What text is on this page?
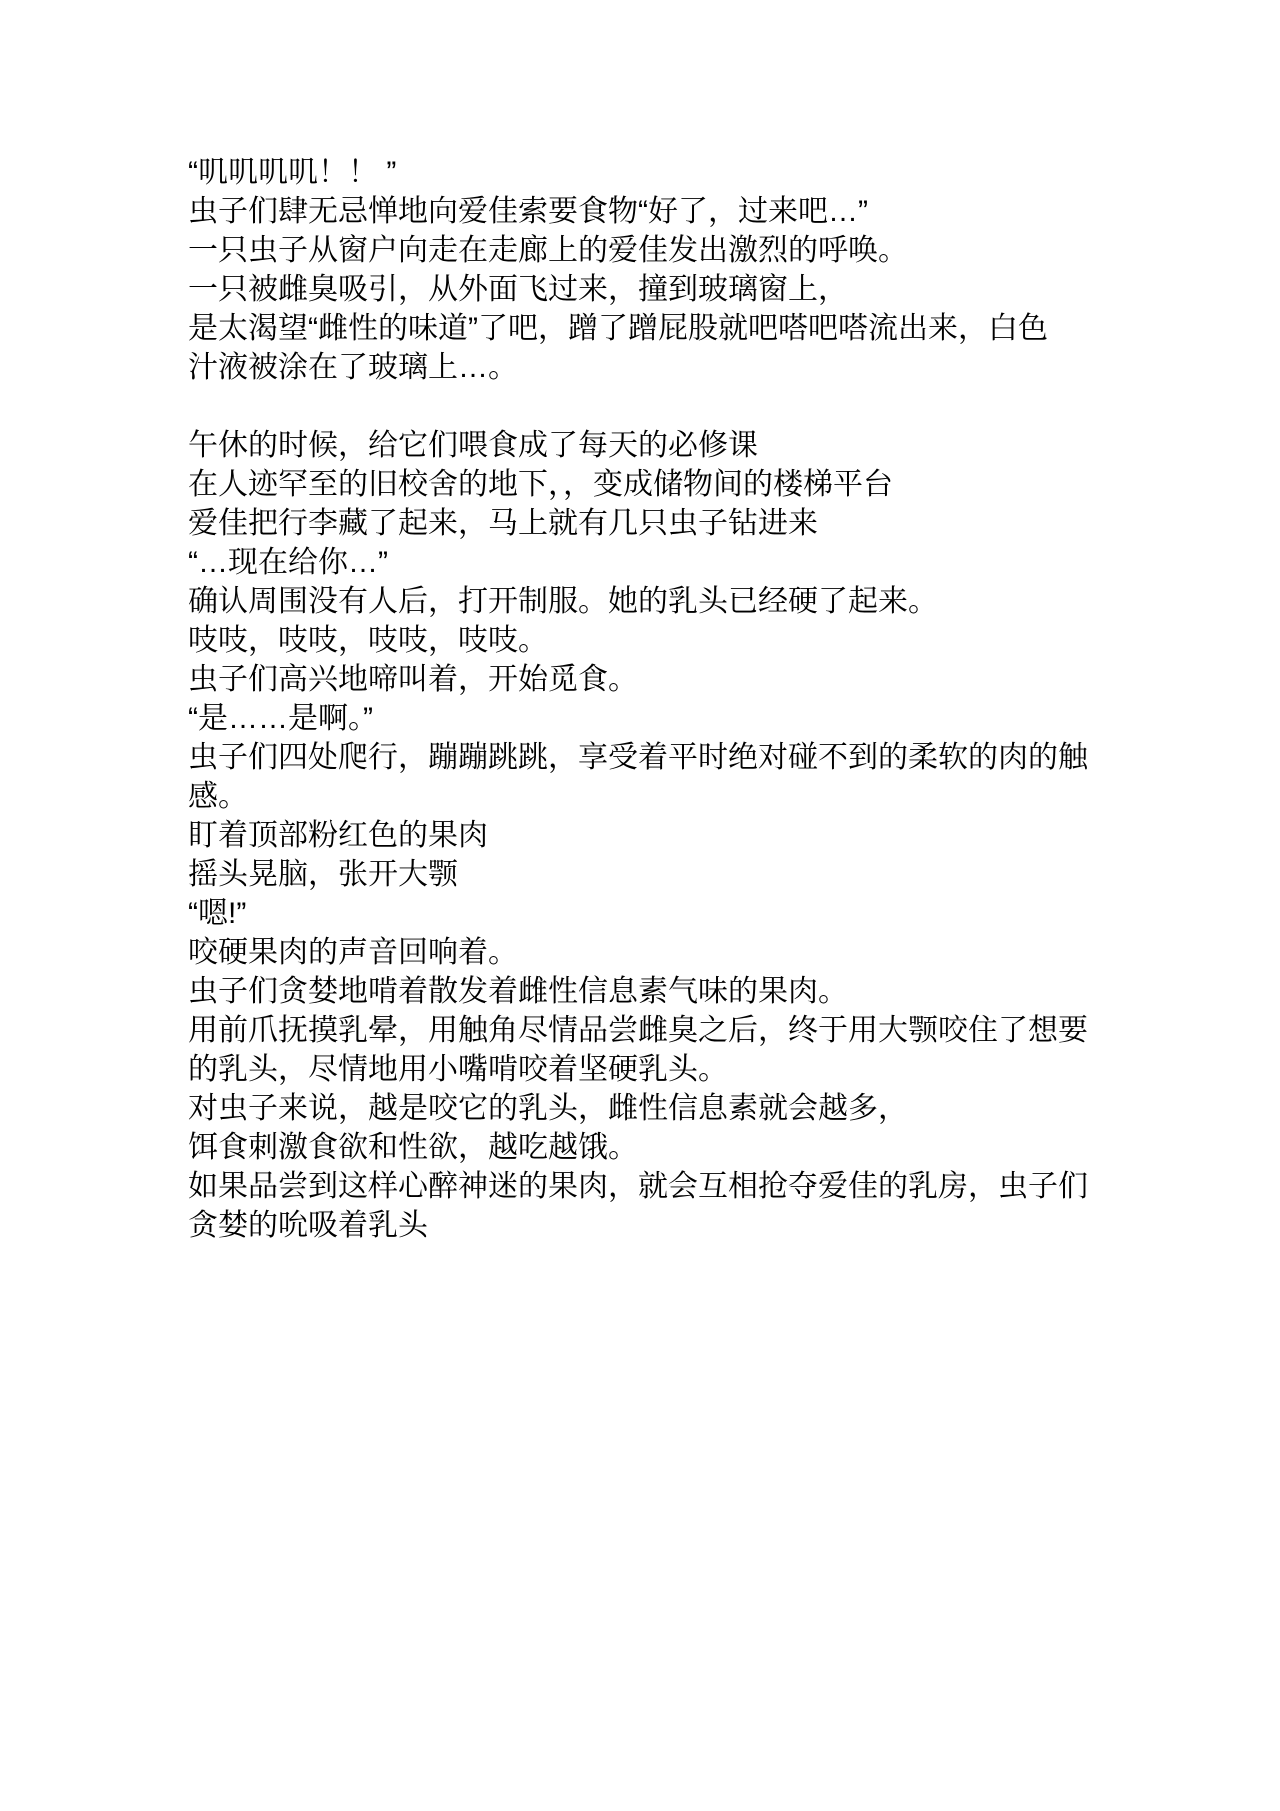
“叽叽叽叽！！ ”

虫子们肆无忌惮地向爱佳索要食物“好了，过来吧…”

一只虫子从窗户向走在走廊上的爱佳发出激烈的呼唤。

一只被雌臭吸引，从外面飞过来，撞到玻璃窗上，

是太渴望“雌性的味道”了吧，蹭了蹭屁股就吧嗒吧嗒流出来，白色

汁液被涂在了玻璃上…。

午休的时候，给它们喂食成了每天的必修课

在人迹罕至的旧校舍的地下，，变成储物间的楼梯平台

爱佳把行李藏了起来，马上就有几只虫子钻进来

“…现在给你…”

确认周围没有人后，打开制服。她的乳头已经硬了起来。

吱吱，吱吱，吱吱，吱吱。

虫子们高兴地啼叫着，开始觅食。

“是……是啊。”

虫子们四处爬行，蹦蹦跳跳，享受着平时绝对碰不到的柔软的肉的触

感。

盯着顶部粉红色的果肉

摇头晃脑，张开大颚

“嗯!”

咬硬果肉的声音回响着。

虫子们贪婪地啃着散发着雌性信息素气味的果肉。

用前爪抚摸乳晕，用触角尽情品尝雌臭之后，终于用大颚咬住了想要

的乳头，尽情地用小嘴啃咬着坚硬乳头。

对虫子来说，越是咬它的乳头，雌性信息素就会越多，

饵食刺激食欲和性欲，越吃越饿。

如果品尝到这样心醉神迷的果肉，就会互相抢夺爱佳的乳房，虫子们

贪婪的吮吸着乳头
